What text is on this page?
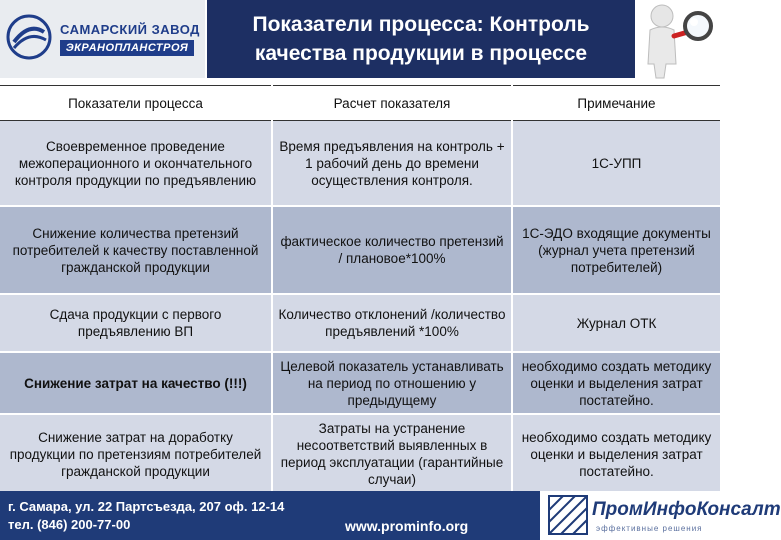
САМАРСКИЙ ЗАВОД
ЭКРАНОПЛАНСТРОЯ
Показатели процесса: Контроль
качества продукции в процессе
Показатели процесса	Расчет показателя	Примечание
Своевременное проведение межоперационного и окончательного контроля продукции по предъявлению	Время предъявления на контроль + 1 рабочий день до времени осуществления контроля.	1С-УПП
Снижение количества претензий потребителей к качеству поставленной гражданской продукции	фактическое количество претензий / плановое*100%	1С-ЭДО входящие документы (журнал учета претензий потребителей)
Сдача продукции с первого предъявлению ВП	Количество отклонений /количество предъявлений *100%	Журнал ОТК
Снижение затрат на качество (!!!)	Целевой показатель устанавливать на период по отношению у предыдущему	необходимо создать методику оценки и выделения затрат постатейно.
Снижение затрат на доработку продукции по претензиям потребителей гражданской продукции	Затраты на устранение несоответствий выявленных в период эксплуатации (гарантийные случаи)	необходимо создать методику оценки и выделения затрат постатейно.
г. Самара, ул. 22 Партсъезда, 207 оф. 12-14
тел. (846) 200-77-00	www.prominfo.org
ПромИнфоКонсалт
эффективные решения
